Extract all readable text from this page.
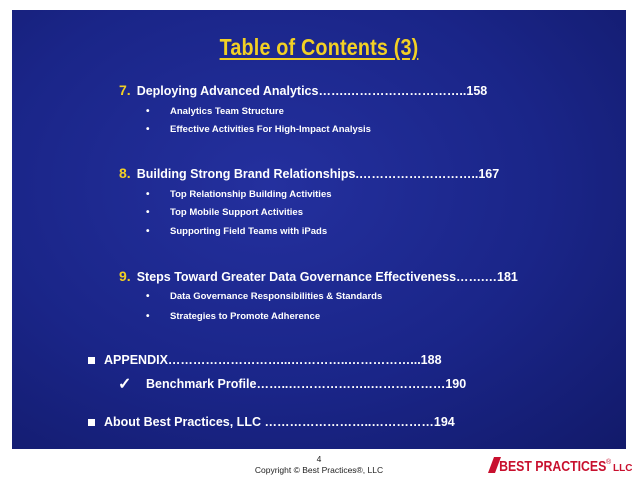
Table of Contents (3)
7. Deploying Advanced Analytics…….………………………..158
• Analytics Team Structure
• Effective Activities For High-Impact Analysis
8. Building Strong Brand Relationships.………………………..167
• Top Relationship Building Activities
• Top Mobile Support Activities
• Supporting Field Teams with iPads
9. Steps Toward Greater Data Governance Effectiveness…….…181
• Data Governance Responsibilities & Standards
• Strategies to Promote Adherence
APPENDIX………………………...…………..……………...188
✓ Benchmark Profile……..………………..………………190
About Best Practices, LLC ……………………..……………194
4
Copyright © Best Practices®, LLC	BEST PRACTICES ®
LLC
